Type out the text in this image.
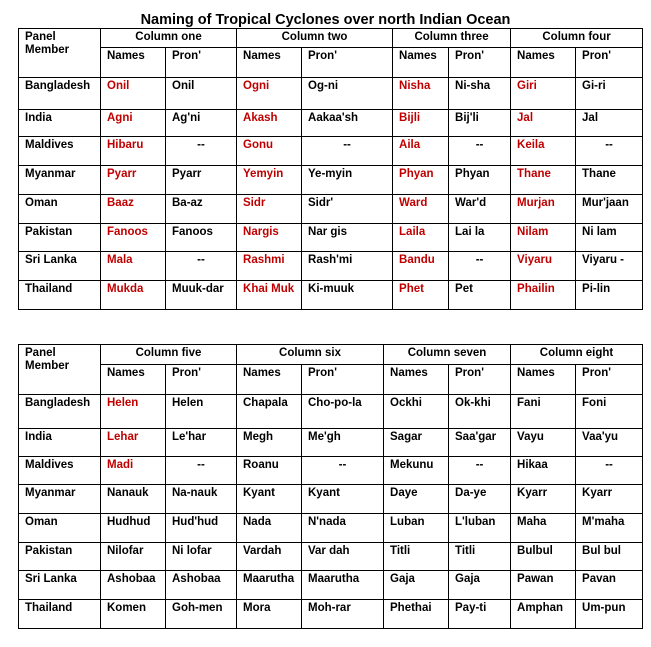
Naming of Tropical Cyclones over north Indian Ocean
Panel
Member	Column one		Column two		Column three		Column four	
	Names	Pron'	Names	Pron'	Names	Pron'	Names	Pron'
Bangladesh	Onil	Onil	Ogni	Og-ni	Nisha	Ni-sha	Giri	Gi-ri
India	Agni	Ag'ni	Akash	Aakaa'sh	Bijli	Bij'li	Jal	Jal
Maldives	Hibaru	--	Gonu	--	Aila	--	Keila	--
Myanmar	Pyarr	Pyarr	Yemyin	Ye-myin	Phyan	Phyan	Thane	Thane
Oman	Baaz	Ba-az	Sidr	Sidr'	Ward	War'd	Murjan	Mur'jaan
Pakistan	Fanoos	Fanoos	Nargis	Nar gis	Laila	Lai la	Nilam	Ni lam
Sri Lanka	Mala	--	Rashmi	Rash'mi	Bandu	--	Viyaru	Viyaru -
Thailand	Mukda	Muuk-dar	Khai Muk	Ki-muuk	Phet	Pet	Phailin	Pi-lin
Panel
Member	Column five		Column six		Column seven		Column eight	
	Names	Pron'	Names	Pron'	Names	Pron'	Names	Pron'
Bangladesh	Helen	Helen	Chapala	Cho-po-la	Ockhi	Ok-khi	Fani	Foni
India	Lehar	Le'har	Megh	Me'gh	Sagar	Saa'gar	Vayu	Vaa'yu
Maldives	Madi	--	Roanu	--	Mekunu	--	Hikaa	--
Myanmar	Nanauk	Na-nauk	Kyant	Kyant	Daye	Da-ye	Kyarr	Kyarr
Oman	Hudhud	Hud'hud	Nada	N'nada	Luban	L'luban	Maha	M'maha
Pakistan	Nilofar	Ni lofar	Vardah	Var dah	Titli	Titli	Bulbul	Bul bul
Sri Lanka	Ashobaa	Ashobaa	Maarutha	Maarutha	Gaja	Gaja	Pawan	Pavan
Thailand	Komen	Goh-men	Mora	Moh-rar	Phethai	Pay-ti	Amphan	Um-pun
